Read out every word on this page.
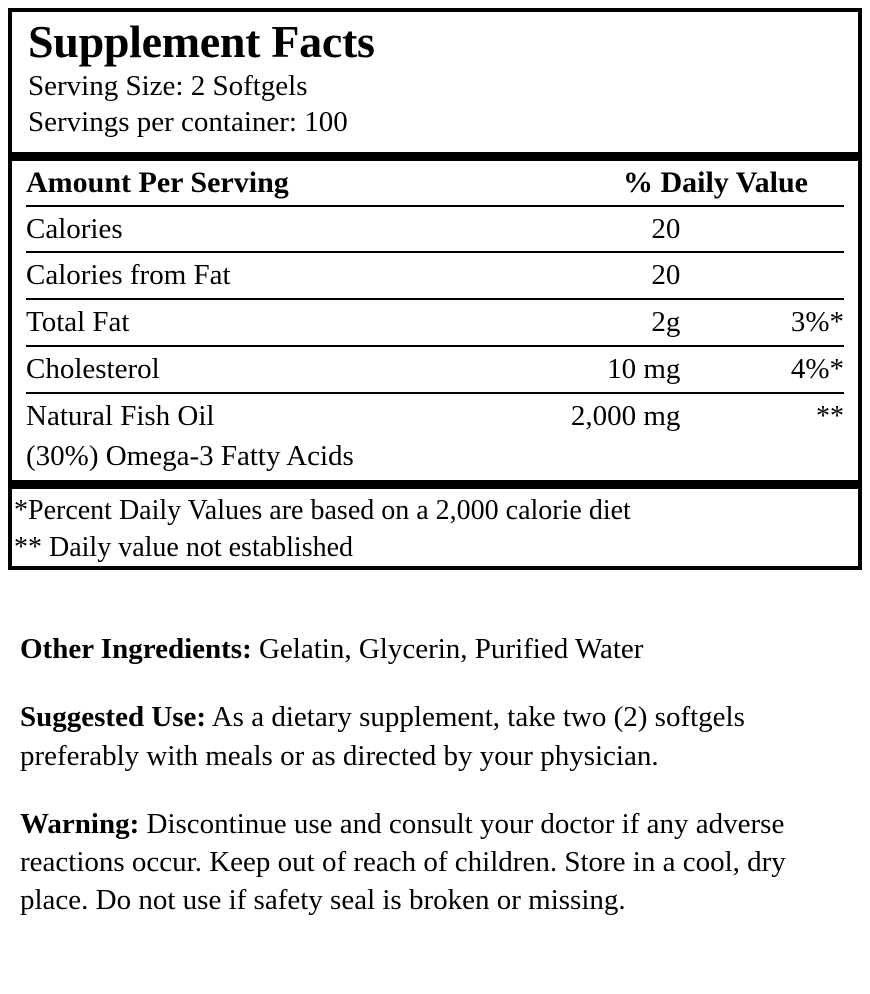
Supplement Facts
Serving Size: 2 Softgels
Servings per container: 100
Amount Per Serving	% Daily Value	
Calories	20	
Calories from Fat	20	
Total Fat	2g	3%*
Cholesterol	10 mg	4%*
Natural Fish Oil	2,000 mg	**
(30%) Omega-3 Fatty Acids		
*Percent Daily Values are based on a 2,000 calorie diet
** Daily value not established

Other Ingredients: Gelatin, Glycerin, Purified Water

Suggested Use: As a dietary supplement, take two (2) softgels preferably with meals or as directed by your physician.

Warning: Discontinue use and consult your doctor if any adverse reactions occur. Keep out of reach of children. Store in a cool, dry place. Do not use if safety seal is broken or missing.
